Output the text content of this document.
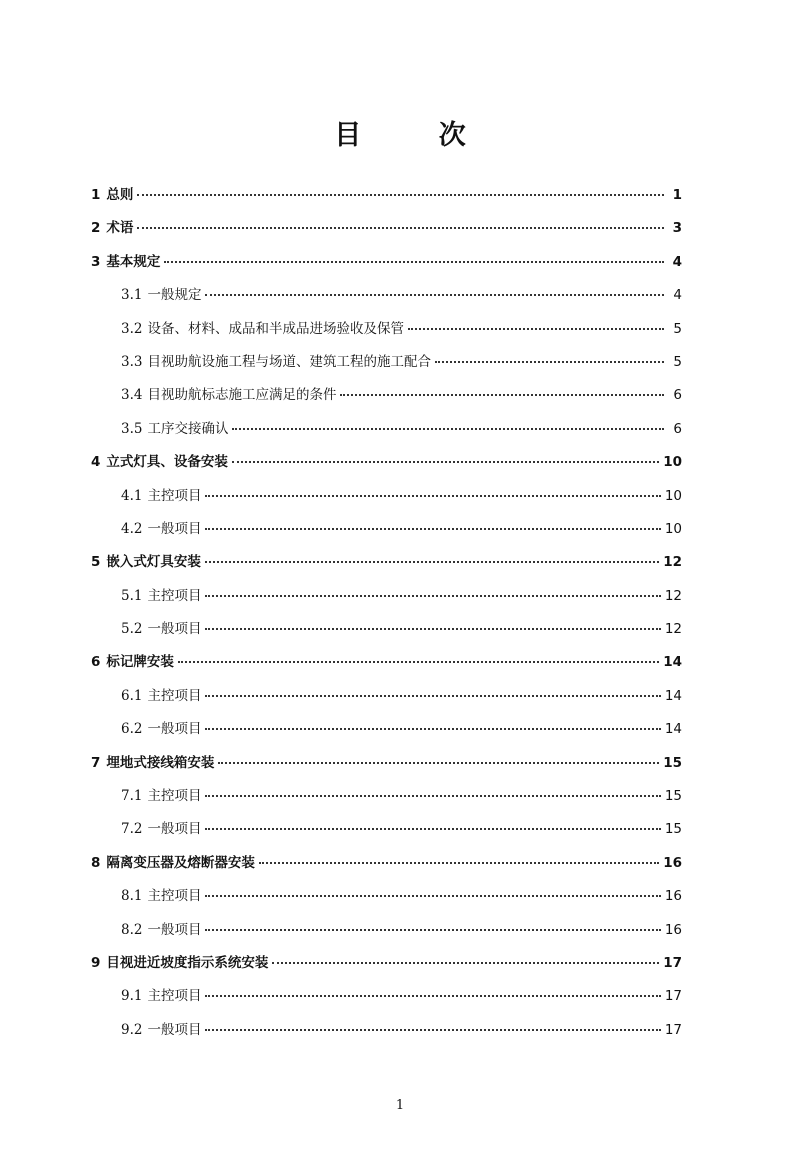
目 次
1 总则	1
2 术语	3
3 基本规定	4
3.1 一般规定	4
3.2 设备、材料、成品和半成品进场验收及保管	5
3.3 目视助航设施工程与场道、建筑工程的施工配合	5
3.4 目视助航标志施工应满足的条件	6
3.5 工序交接确认	6
4 立式灯具、设备安装	10
4.1 主控项目	10
4.2 一般项目	10
5 嵌入式灯具安装	12
5.1 主控项目	12
5.2 一般项目	12
6 标记牌安装	14
6.1 主控项目	14
6.2 一般项目	14
7 埋地式接线箱安装	15
7.1 主控项目	15
7.2 一般项目	15
8 隔离变压器及熔断器安装	16
8.1 主控项目	16
8.2 一般项目	16
9 目视进近坡度指示系统安装	17
9.1 主控项目	17
9.2 一般项目	17
1
